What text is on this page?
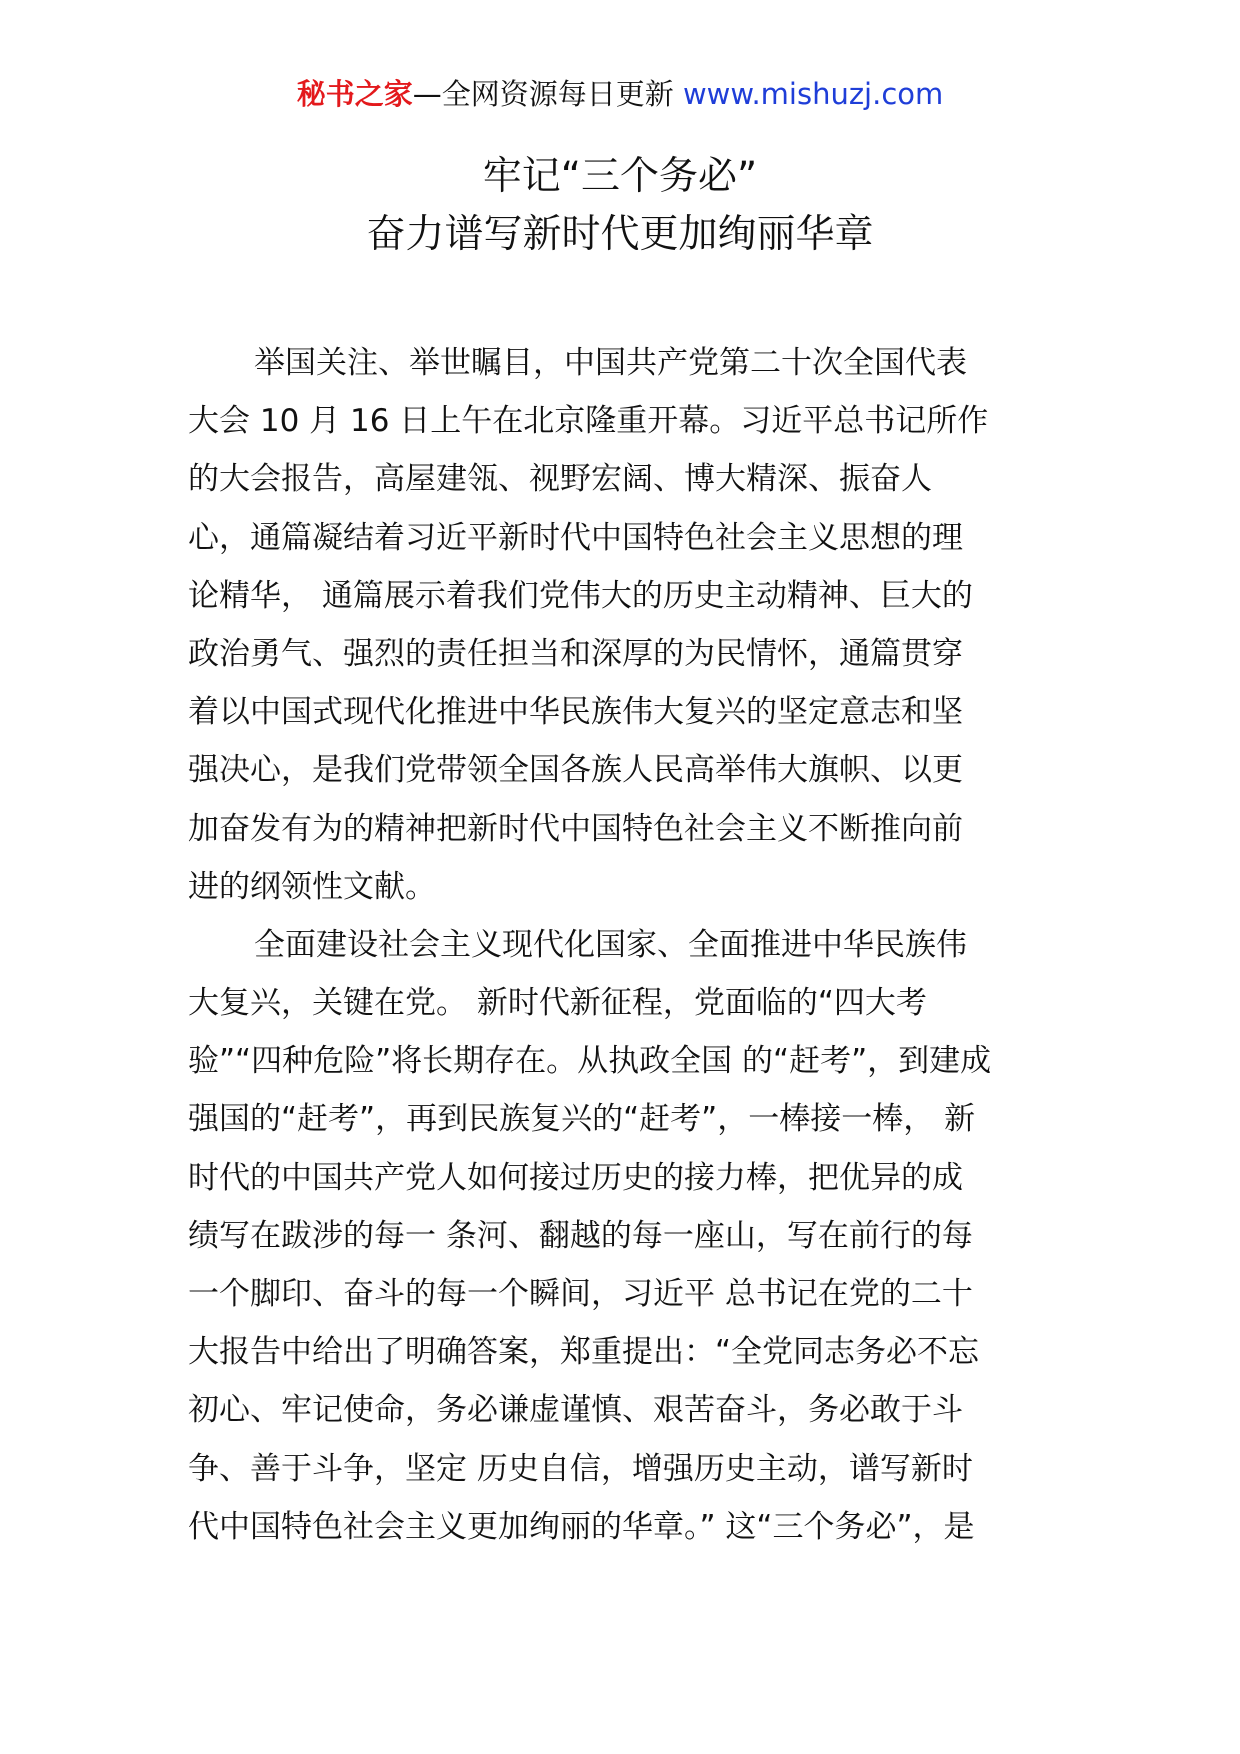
秘书之家—全网资源每日更新 www.mishuzj.com
牢记“三个务必”
奋力谱写新时代更加绚丽华章
举国关注、举世瞩目，中国共产党第二十次全国代表
大会 10 月 16 日上午在北京隆重开幕。习近平总书记所作
的大会报告，高屋建瓴、视野宏阔、博大精深、振奋人
心，通篇凝结着习近平新时代中国特色社会主义思想的理
论精华， 通篇展示着我们党伟大的历史主动精神、巨大的
政治勇气、强烈的责任担当和深厚的为民情怀，通篇贯穿
着以中国式现代化推进中华民族伟大复兴的坚定意志和坚
强决心，是我们党带领全国各族人民高举伟大旗帜、以更
加奋发有为的精神把新时代中国特色社会主义不断推向前
进的纲领性文献。
全面建设社会主义现代化国家、全面推进中华民族伟
大复兴，关键在党。 新时代新征程，党面临的“四大考
验”“四种危险”将长期存在。从执政全国 的“赶考”，到建成
强国的“赶考”，再到民族复兴的“赶考”，一棒接一棒， 新
时代的中国共产党人如何接过历史的接力棒，把优异的成
绩写在跋涉的每一 条河、翻越的每一座山，写在前行的每
一个脚印、奋斗的每一个瞬间，习近平 总书记在党的二十
大报告中给出了明确答案，郑重提出：“全党同志务必不忘
初心、牢记使命，务必谦虚谨慎、艰苦奋斗，务必敢于斗
争、善于斗争，坚定 历史自信，增强历史主动，谱写新时
代中国特色社会主义更加绚丽的华章。” 这“三个务必”，是
